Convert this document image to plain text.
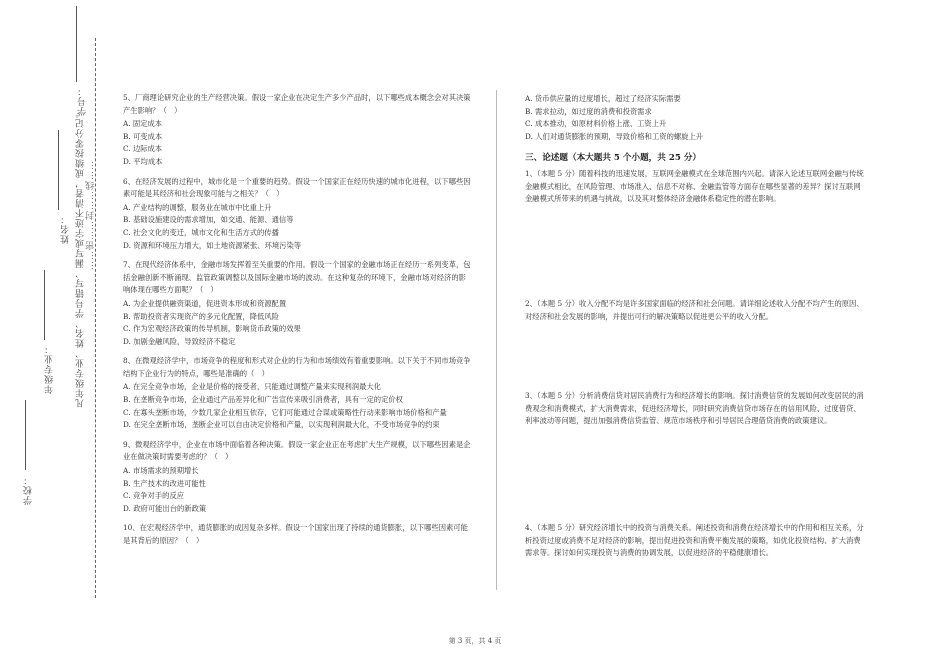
学号：
姓名： 凡年级专业、姓名、学号错写、漏写或字迹不清者，成绩按零分记。 ……密……封……线……
年级专业：
学校：

5、厂商理论研究企业的生产经营决策。假设一家企业在决定生产多少产品时，以下哪些成本概念会对其决策产生影响？（　）

A. 固定成本

B. 可变成本

C. 边际成本

D. 平均成本

6、在经济发展的过程中，城市化是一个重要的趋势。假设一个国家正在经历快速的城市化进程，以下哪些因素可能是其经济和社会现象可能与之相关？（　）

A. 产业结构的调整，服务业在城市中比重上升

B. 基础设施建设的需求增加，如交通、能源、通信等

C. 社会文化的变迁，城市文化和生活方式的传播

D. 资源和环境压力增大，如土地资源紧张、环境污染等

7、在现代经济体系中，金融市场发挥着至关重要的作用。假设一个国家的金融市场正在经历一系列变革，包括金融创新不断涌现、监管政策调整以及国际金融市场的波动。在这种复杂的环境下，金融市场对经济的影响体现在哪些方面呢？（　）

A. 为企业提供融资渠道，促进资本形成和资源配置

B. 帮助投资者实现资产的多元化配置，降低风险

C. 作为宏观经济政策的传导机制，影响货币政策的效果

D. 加剧金融风险，导致经济不稳定

8、在微观经济学中，市场竞争的程度和形式对企业的行为和市场绩效有着重要影响。以下关于不同市场竞争结构下企业行为的特点，哪些是准确的（　）

A. 在完全竞争市场，企业是价格的接受者，只能通过调整产量来实现利润最大化

B. 在垄断竞争市场，企业通过产品差异化和广告宣传来吸引消费者，具有一定的定价权

C. 在寡头垄断市场，少数几家企业相互依存，它们可能通过合谋或策略性行动来影响市场价格和产量

D. 在完全垄断市场，垄断企业可以自由决定价格和产量，以实现利润最大化，不受市场竞争的约束

9、微观经济学中，企业在市场中面临着各种决策。假设一家企业正在考虑扩大生产规模，以下哪些因素是企业在做决策时需要考虑的？（　）

A. 市场需求的预期增长

B. 生产技术的改进可能性

C. 竞争对手的反应

D. 政府可能出台的新政策

10、在宏观经济学中，通货膨胀的成因复杂多样。假设一个国家出现了持续的通货膨胀，以下哪些因素可能是其背后的原因？（　）

A. 货币供应量的过度增长，超过了经济实际需要

B. 需求拉动，如过度的消费和投资需求

C. 成本推动，如原材料价格上涨、工资上升

D. 人们对通货膨胀的预期，导致价格和工资的螺旋上升

三、论述题（本大题共 5 个小题，共 25 分）

1、（本题 5 分）随着科技的迅速发展，互联网金融模式在全球范围内兴起。请深入论述互联网金融与传统金融模式相比，在风险管理、市场准入、信息不对称、金融监管等方面存在哪些显著的差异？探讨互联网金融模式所带来的机遇与挑战，以及其对整体经济金融体系稳定性的潜在影响。

2、（本题 5 分）收入分配不均是许多国家面临的经济和社会问题。请详细论述收入分配不均产生的原因、对经济和社会发展的影响，并提出可行的解决策略以促进更公平的收入分配。

3、（本题 5 分）分析消费信贷对居民消费行为和经济增长的影响。探讨消费信贷的发展如何改变居民的消费观念和消费模式，扩大消费需求，促进经济增长，同时研究消费信贷市场存在的信用风险、过度借贷、利率波动等问题，提出加强消费信贷监管、规范市场秩序和引导居民合理借贷消费的政策建议。

4、（本题 5 分）研究经济增长中的投资与消费关系。阐述投资和消费在经济增长中的作用和相互关系，分析投资过度或消费不足对经济的影响，提出促进投资和消费平衡发展的策略，如优化投资结构、扩大消费需求等。探讨如何实现投资与消费的协调发展，以促进经济的平稳健康增长。

第 3 页，共 4 页
